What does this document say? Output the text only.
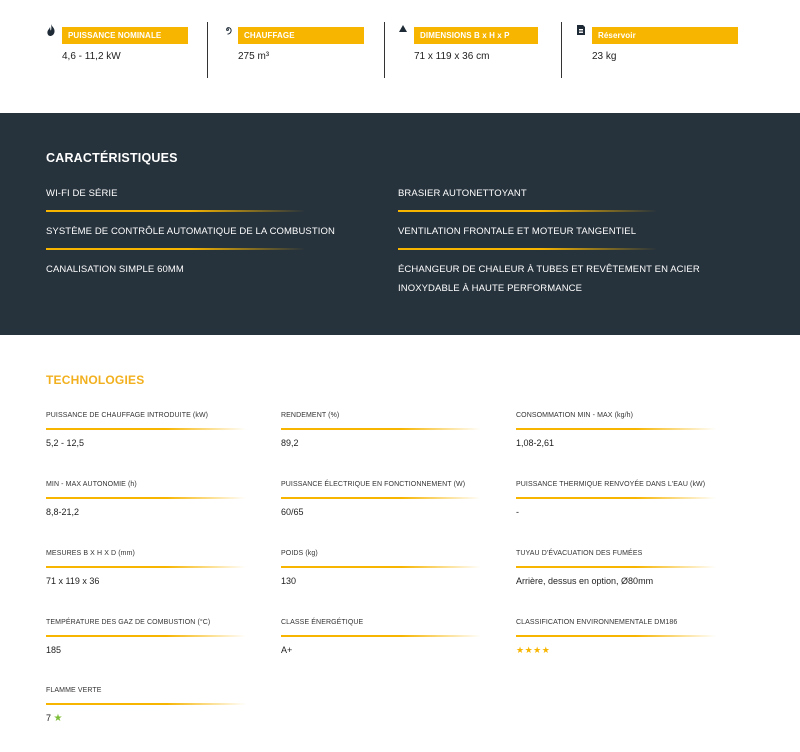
PUISSANCE NOMINALE
4,6 - 11,2 kW
CHAUFFAGE
275 m³
DIMENSIONS B x H x P
71 x 119 x 36 cm
Réservoir
23 kg
CARACTÉRISTIQUES
WI-FI DE SÉRIE	BRASIER AUTONETTOYANT
SYSTÈME DE CONTRÔLE AUTOMATIQUE DE LA COMBUSTION	VENTILATION FRONTALE ET MOTEUR TANGENTIEL
CANALISATION SIMPLE 60MM	ÉCHANGEUR DE CHALEUR À TUBES ET REVÊTEMENT EN ACIER INOXYDABLE À HAUTE PERFORMANCE
TECHNOLOGIES
PUISSANCE DE CHAUFFAGE INTRODUITE (kW)
5,2 - 12,5
RENDEMENT (%)
89,2
CONSOMMATION MIN - MAX (kg/h)
1,08-2,61
MIN - MAX AUTONOMIE (h)
8,8-21,2
PUISSANCE ÉLECTRIQUE EN FONCTIONNEMENT (W)
60/65
PUISSANCE THERMIQUE RENVOYÉE DANS L'EAU (kW)
-
MESURES B X H X D (mm)
71 x 119 x 36
POIDS (kg)
130
TUYAU D'ÉVACUATION DES FUMÉES
Arrière, dessus en option, Ø80mm
TEMPÉRATURE DES GAZ DE COMBUSTION (°C)
185
CLASSE ÉNERGÉTIQUE
A+
CLASSIFICATION ENVIRONNEMENTALE DM186
★★★★
FLAMME VERTE
7 ★
